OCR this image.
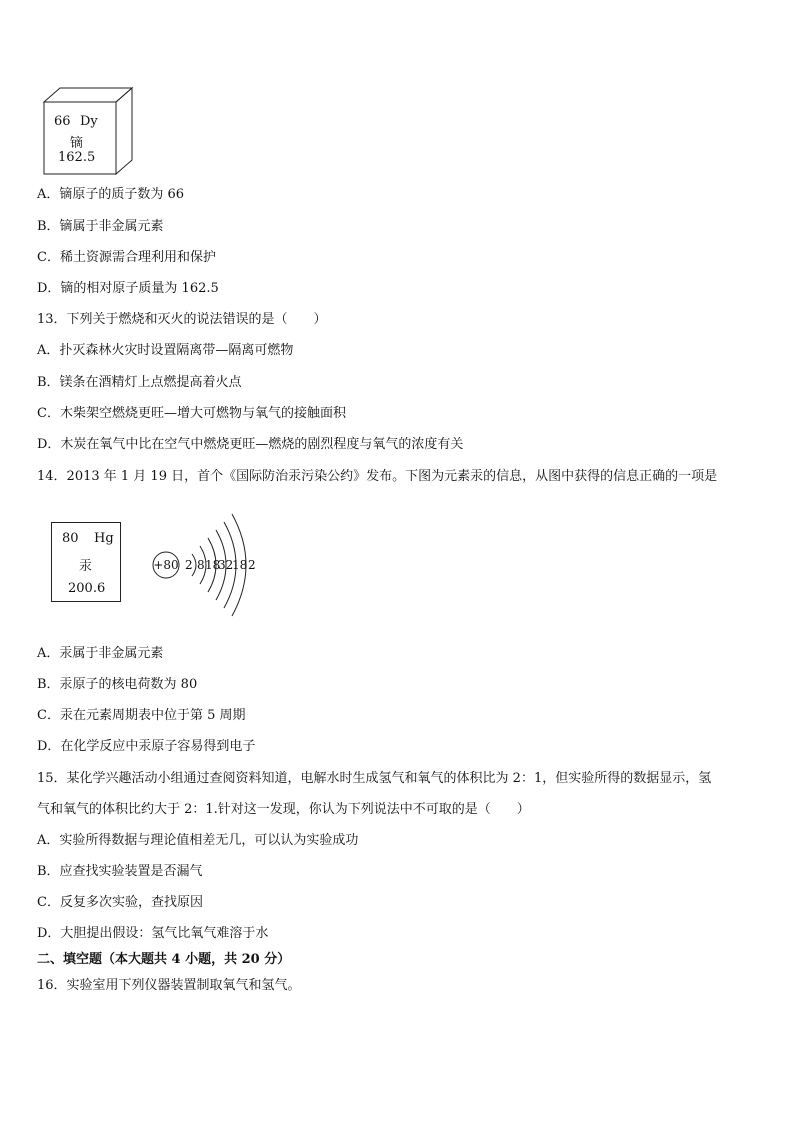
66 Dy
镝
162.5
A．镝原子的质子数为 66
B．镝属于非金属元素
C．稀土资源需合理利用和保护
D．镝的相对原子质量为 162.5
13．下列关于燃烧和灭火的说法错误的是（　　）
A．扑灭森林火灾时设置隔离带—隔离可燃物
B．镁条在酒精灯上点燃提高着火点
C．木柴架空燃烧更旺—增大可燃物与氧气的接触面积
D．木炭在氧气中比在空气中燃烧更旺—燃烧的剧烈程度与氧气的浓度有关
14．2013 年 1 月 19 日，首个《国际防治汞污染公约》发布。下图为元素汞的信息，从图中获得的信息正确的一项是
80 Hg
汞
200.6
+80 2 8 18
32
18 2
A．汞属于非金属元素
B．汞原子的核电荷数为 80
C．汞在元素周期表中位于第 5 周期
D．在化学反应中汞原子容易得到电子
15．某化学兴趣活动小组通过查阅资料知道，电解水时生成氢气和氧气的体积比为 2：1，但实验所得的数据显示，氢
气和氧气的体积比约大于 2：1.针对这一发现，你认为下列说法中不可取的是（　　）
A．实验所得数据与理论值相差无几，可以认为实验成功
B．应查找实验装置是否漏气
C．反复多次实验，查找原因
D．大胆提出假设：氢气比氧气难溶于水
二、填空题（本大题共 4 小题，共 20 分）
16．实验室用下列仪器装置制取氧气和氢气。
